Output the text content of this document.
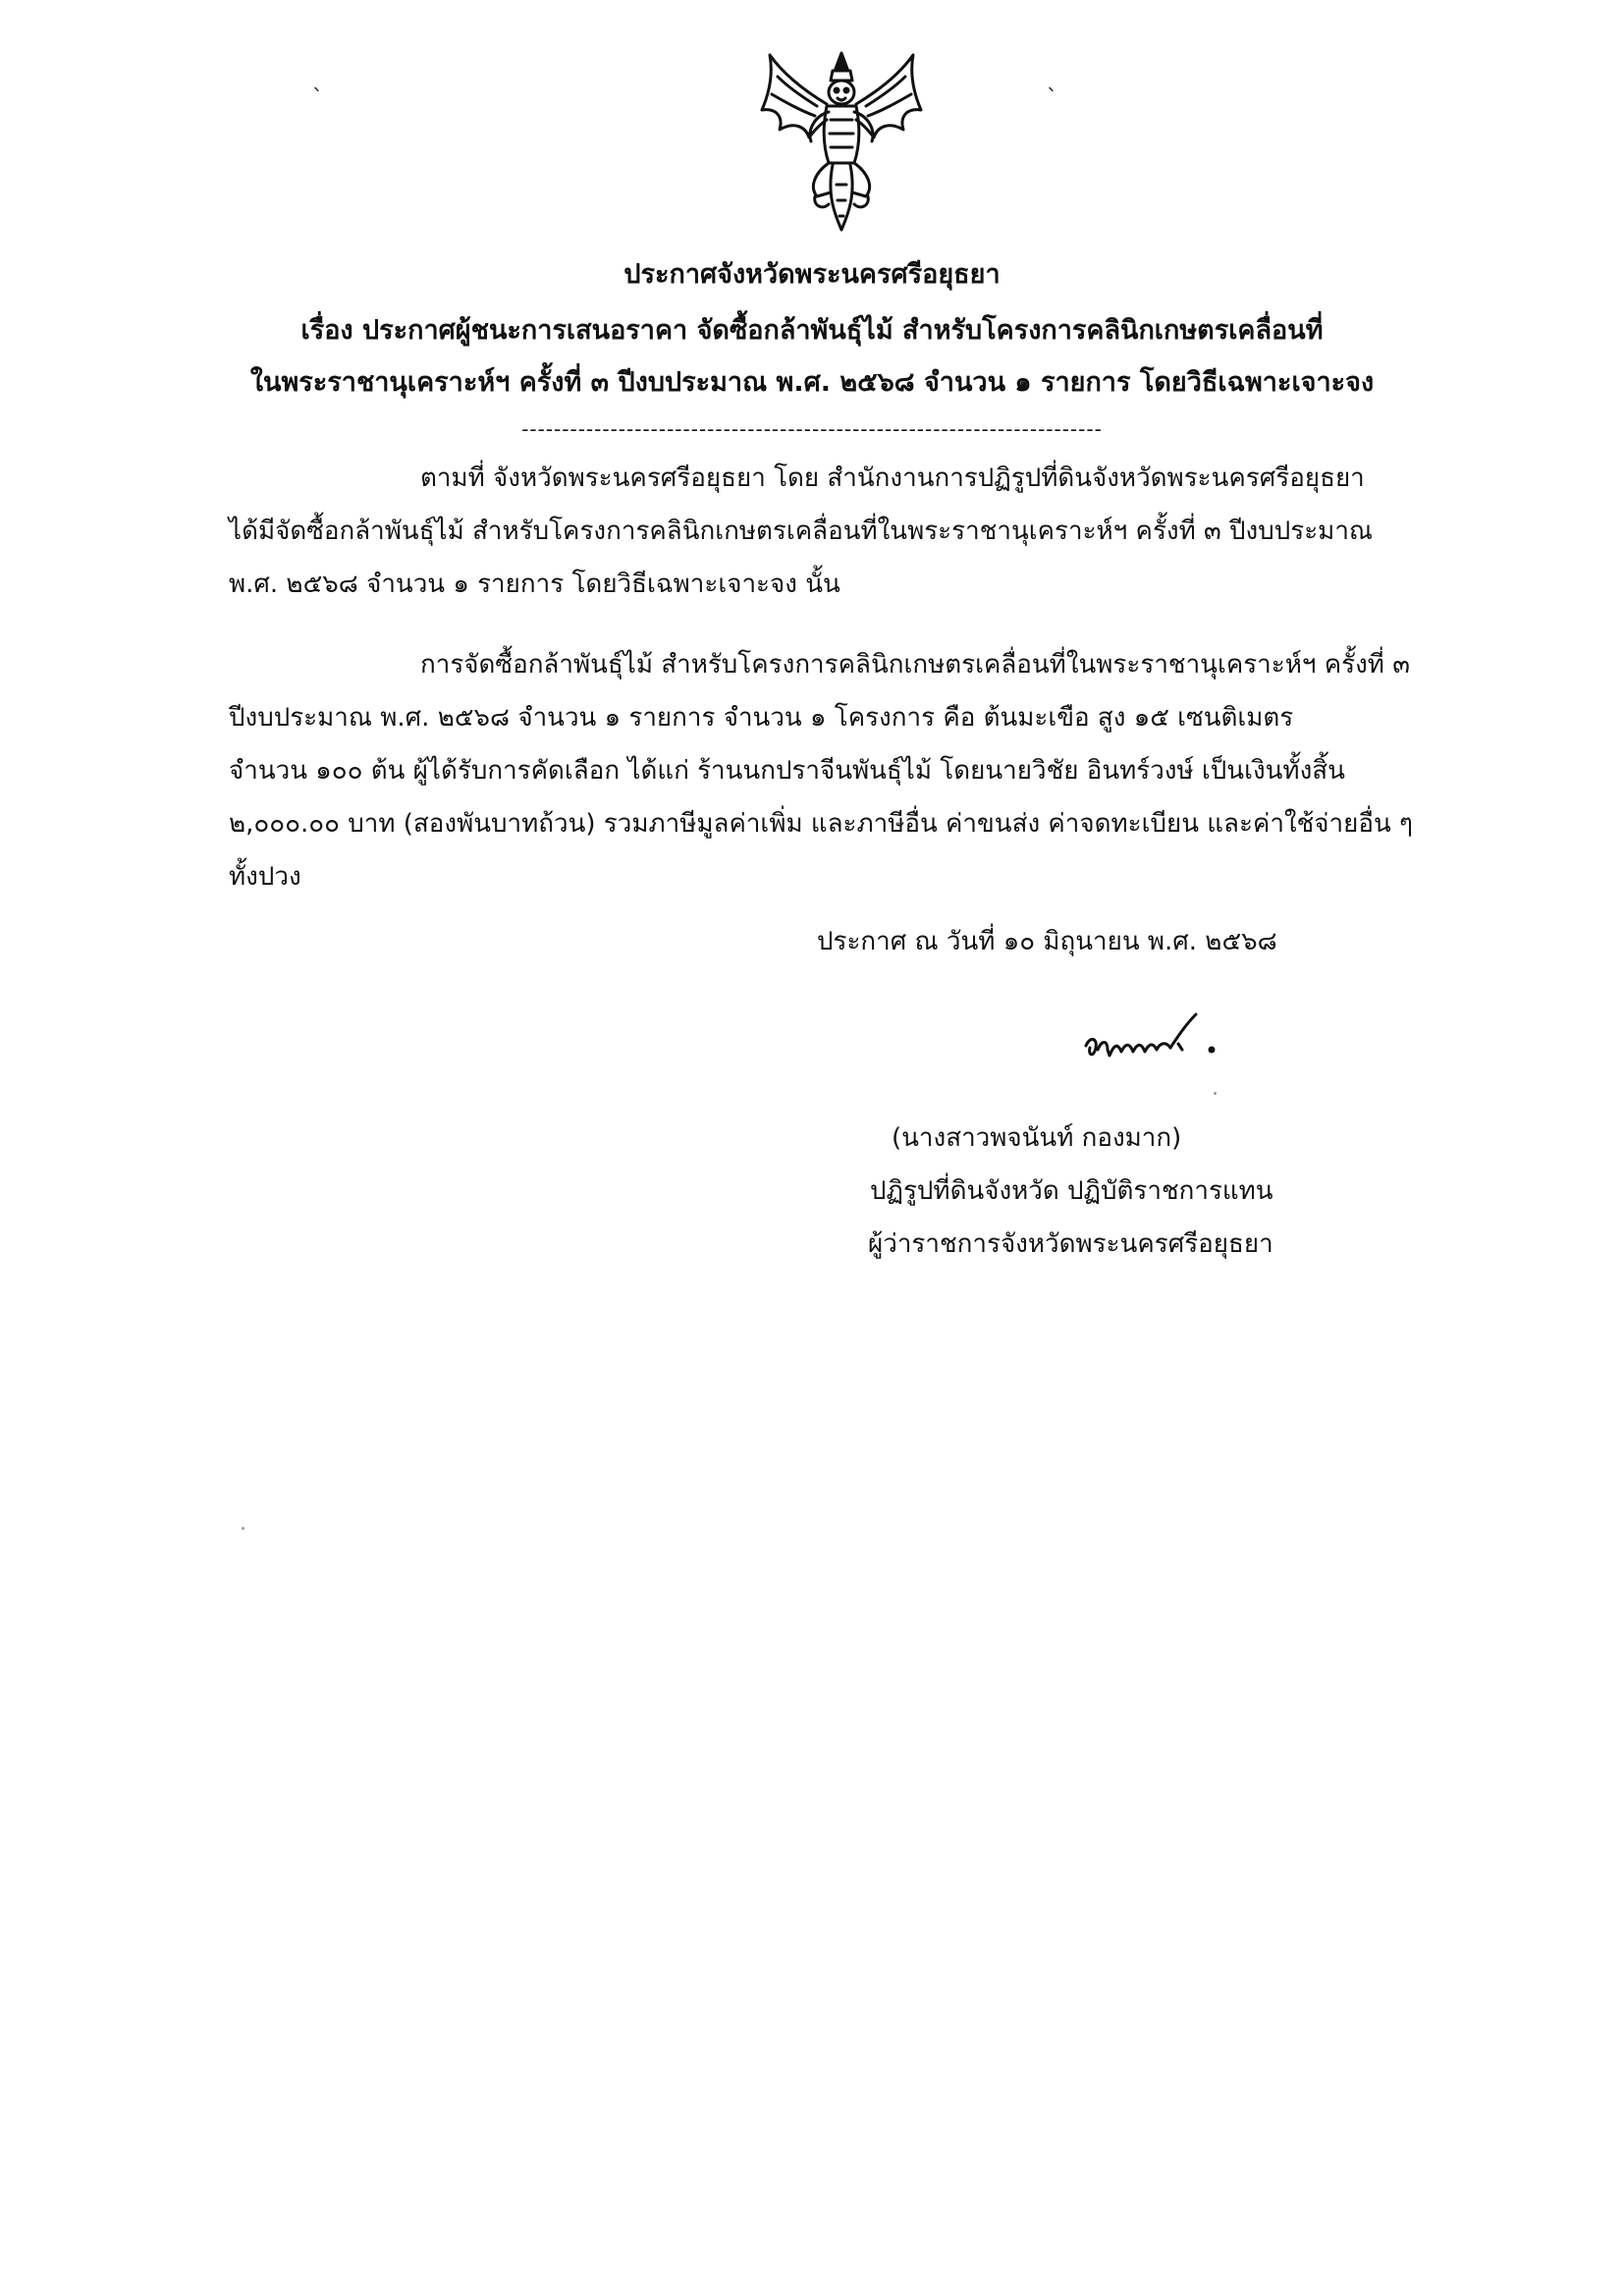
ˋ	ˋ
ประกาศจังหวัดพระนครศรีอยุธยา
เรื่อง ประกาศผู้ชนะการเสนอราคา จัดซื้อกล้าพันธุ์ไม้ สำหรับโครงการคลินิกเกษตรเคลื่อนที่
ในพระราชานุเคราะห์ฯ ครั้งที่ ๓ ปีงบประมาณ พ.ศ. ๒๕๖๘ จำนวน ๑ รายการ โดยวิธีเฉพาะเจาะจง
------------------------------------------------------------------------
ตามที่ จังหวัดพระนครศรีอยุธยา โดย สำนักงานการปฏิรูปที่ดินจังหวัดพระนครศรีอยุธยา
ได้มีจัดซื้อกล้าพันธุ์ไม้ สำหรับโครงการคลินิกเกษตรเคลื่อนที่ในพระราชานุเคราะห์ฯ ครั้งที่ ๓ ปีงบประมาณ
พ.ศ. ๒๕๖๘ จำนวน ๑ รายการ โดยวิธีเฉพาะเจาะจง นั้น
การจัดซื้อกล้าพันธุ์ไม้ สำหรับโครงการคลินิกเกษตรเคลื่อนที่ในพระราชานุเคราะห์ฯ ครั้งที่ ๓
ปีงบประมาณ พ.ศ. ๒๕๖๘ จำนวน ๑ รายการ จำนวน ๑ โครงการ คือ ต้นมะเขือ สูง ๑๕ เซนติเมตร
จำนวน ๑๐๐ ต้น ผู้ได้รับการคัดเลือก ได้แก่ ร้านนกปราจีนพันธุ์ไม้ โดยนายวิชัย อินทร์วงษ์ เป็นเงินทั้งสิ้น
๒,๐๐๐.๐๐ บาท (สองพันบาทถ้วน) รวมภาษีมูลค่าเพิ่ม และภาษีอื่น ค่าขนส่ง ค่าจดทะเบียน และค่าใช้จ่ายอื่น ๆ
ทั้งปวง
ประกาศ ณ วันที่ ๑๐ มิถุนายน พ.ศ. ๒๕๖๘
(นางสาวพจนันท์ กองมาก)
ปฏิรูปที่ดินจังหวัด ปฏิบัติราชการแทน
ผู้ว่าราชการจังหวัดพระนครศรีอยุธยา
